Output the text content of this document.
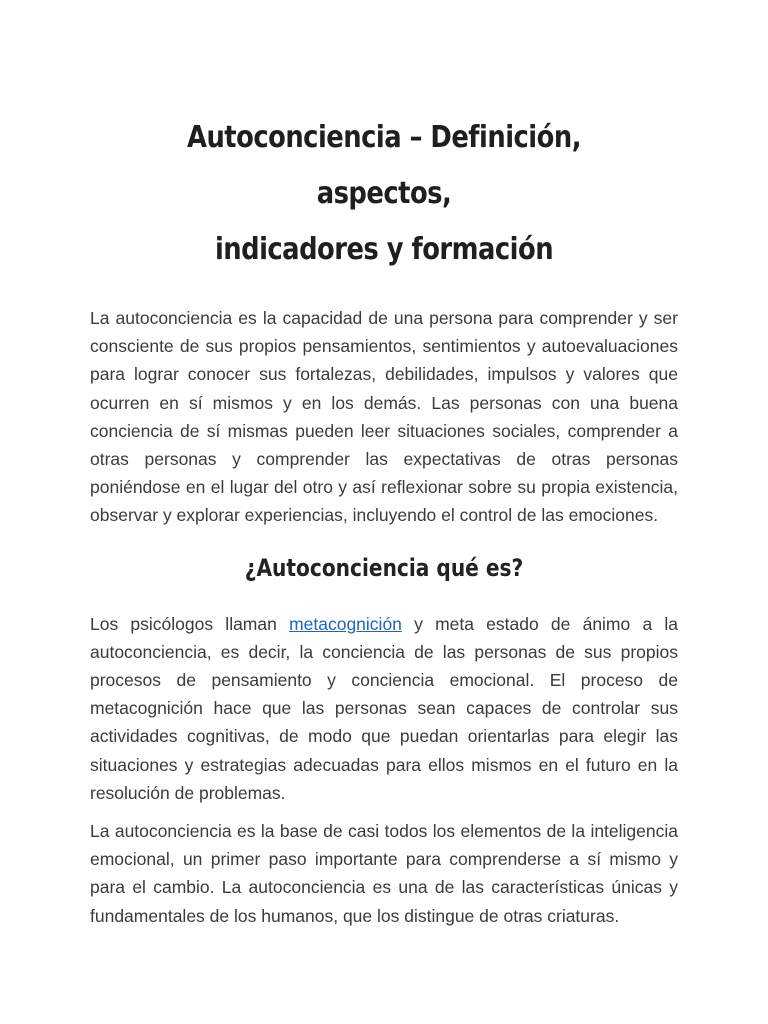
Autoconciencia – Definición, aspectos,
indicadores y formación

La autoconciencia es la capacidad de una persona para comprender y ser consciente de sus propios pensamientos, sentimientos y autoevaluaciones para lograr conocer sus fortalezas, debilidades, impulsos y valores que ocurren en sí mismos y en los demás. Las personas con una buena conciencia de sí mismas pueden leer situaciones sociales, comprender a otras personas y comprender las expectativas de otras personas poniéndose en el lugar del otro y así reflexionar sobre su propia existencia, observar y explorar experiencias, incluyendo el control de las emociones.

¿Autoconciencia qué es?

Los psicólogos llaman metacognición y meta estado de ánimo a la autoconciencia, es decir, la conciencia de las personas de sus propios procesos de pensamiento y conciencia emocional. El proceso de metacognición hace que las personas sean capaces de controlar sus actividades cognitivas, de modo que puedan orientarlas para elegir las situaciones y estrategias adecuadas para ellos mismos en el futuro en la resolución de problemas.

La autoconciencia es la base de casi todos los elementos de la inteligencia emocional, un primer paso importante para comprenderse a sí mismo y para el cambio. La autoconciencia es una de las características únicas y fundamentales de los humanos, que los distingue de otras criaturas.
